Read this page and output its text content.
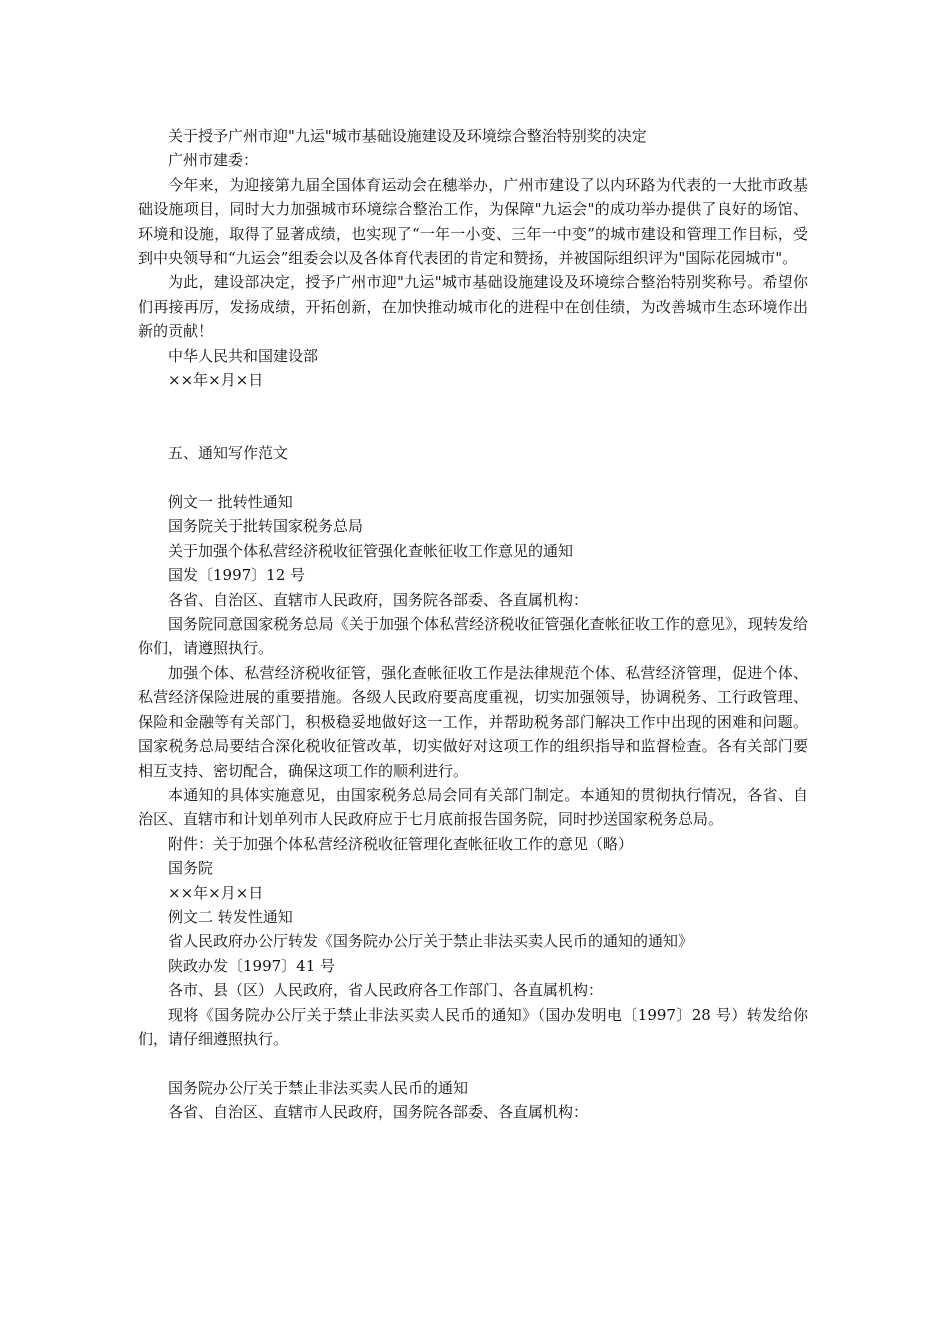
关于授予广州市迎"九运"城市基础设施建设及环境综合整治特别奖的决定

广州市建委：

今年来，为迎接第九届全国体育运动会在穗举办，广州市建设了以内环路为代表的一大批市政基础设施项目，同时大力加强城市环境综合整治工作，为保障"九运会"的成功举办提供了良好的场馆、环境和设施，取得了显著成绩，也实现了“一年一小变、三年一中变”的城市建设和管理工作目标，受到中央领导和“九运会”组委会以及各体育代表团的肯定和赞扬，并被国际组织评为"国际花园城市"。

为此，建设部决定，授予广州市迎"九运"城市基础设施建设及环境综合整治特别奖称号。希望你们再接再厉，发扬成绩，开拓创新，在加快推动城市化的进程中在创佳绩，为改善城市生态环境作出新的贡献！

中华人民共和国建设部

××年×月×日

五、通知写作范文

例文一 批转性通知

国务院关于批转国家税务总局

关于加强个体私营经济税收征管强化查帐征收工作意见的通知

国发〔1997〕12 号

各省、自治区、直辖市人民政府，国务院各部委、各直属机构：

国务院同意国家税务总局《关于加强个体私营经济税收征管强化查帐征收工作的意见》，现转发给你们，请遵照执行。

加强个体、私营经济税收征管，强化查帐征收工作是法律规范个体、私营经济管理，促进个体、私营经济保险进展的重要措施。各级人民政府要高度重视，切实加强领导，协调税务、工行政管理、保险和金融等有关部门，积极稳妥地做好这一工作，并帮助税务部门解决工作中出现的困难和问题。国家税务总局要结合深化税收征管改革，切实做好对这项工作的组织指导和监督检查。各有关部门要相互支持、密切配合，确保这项工作的顺利进行。

本通知的具体实施意见，由国家税务总局会同有关部门制定。本通知的贯彻执行情况，各省、自治区、直辖市和计划单列市人民政府应于七月底前报告国务院，同时抄送国家税务总局。

附件：关于加强个体私营经济税收征管理化查帐征收工作的意见（略）

国务院

××年×月×日

例文二 转发性通知

省人民政府办公厅转发《国务院办公厅关于禁止非法买卖人民币的通知的通知》

陕政办发〔1997〕41 号

各市、县（区）人民政府，省人民政府各工作部门、各直属机构：

现将《国务院办公厅关于禁止非法买卖人民币的通知》（国办发明电〔1997〕28 号）转发给你们，请仔细遵照执行。

国务院办公厅关于禁止非法买卖人民币的通知

各省、自治区、直辖市人民政府，国务院各部委、各直属机构：
